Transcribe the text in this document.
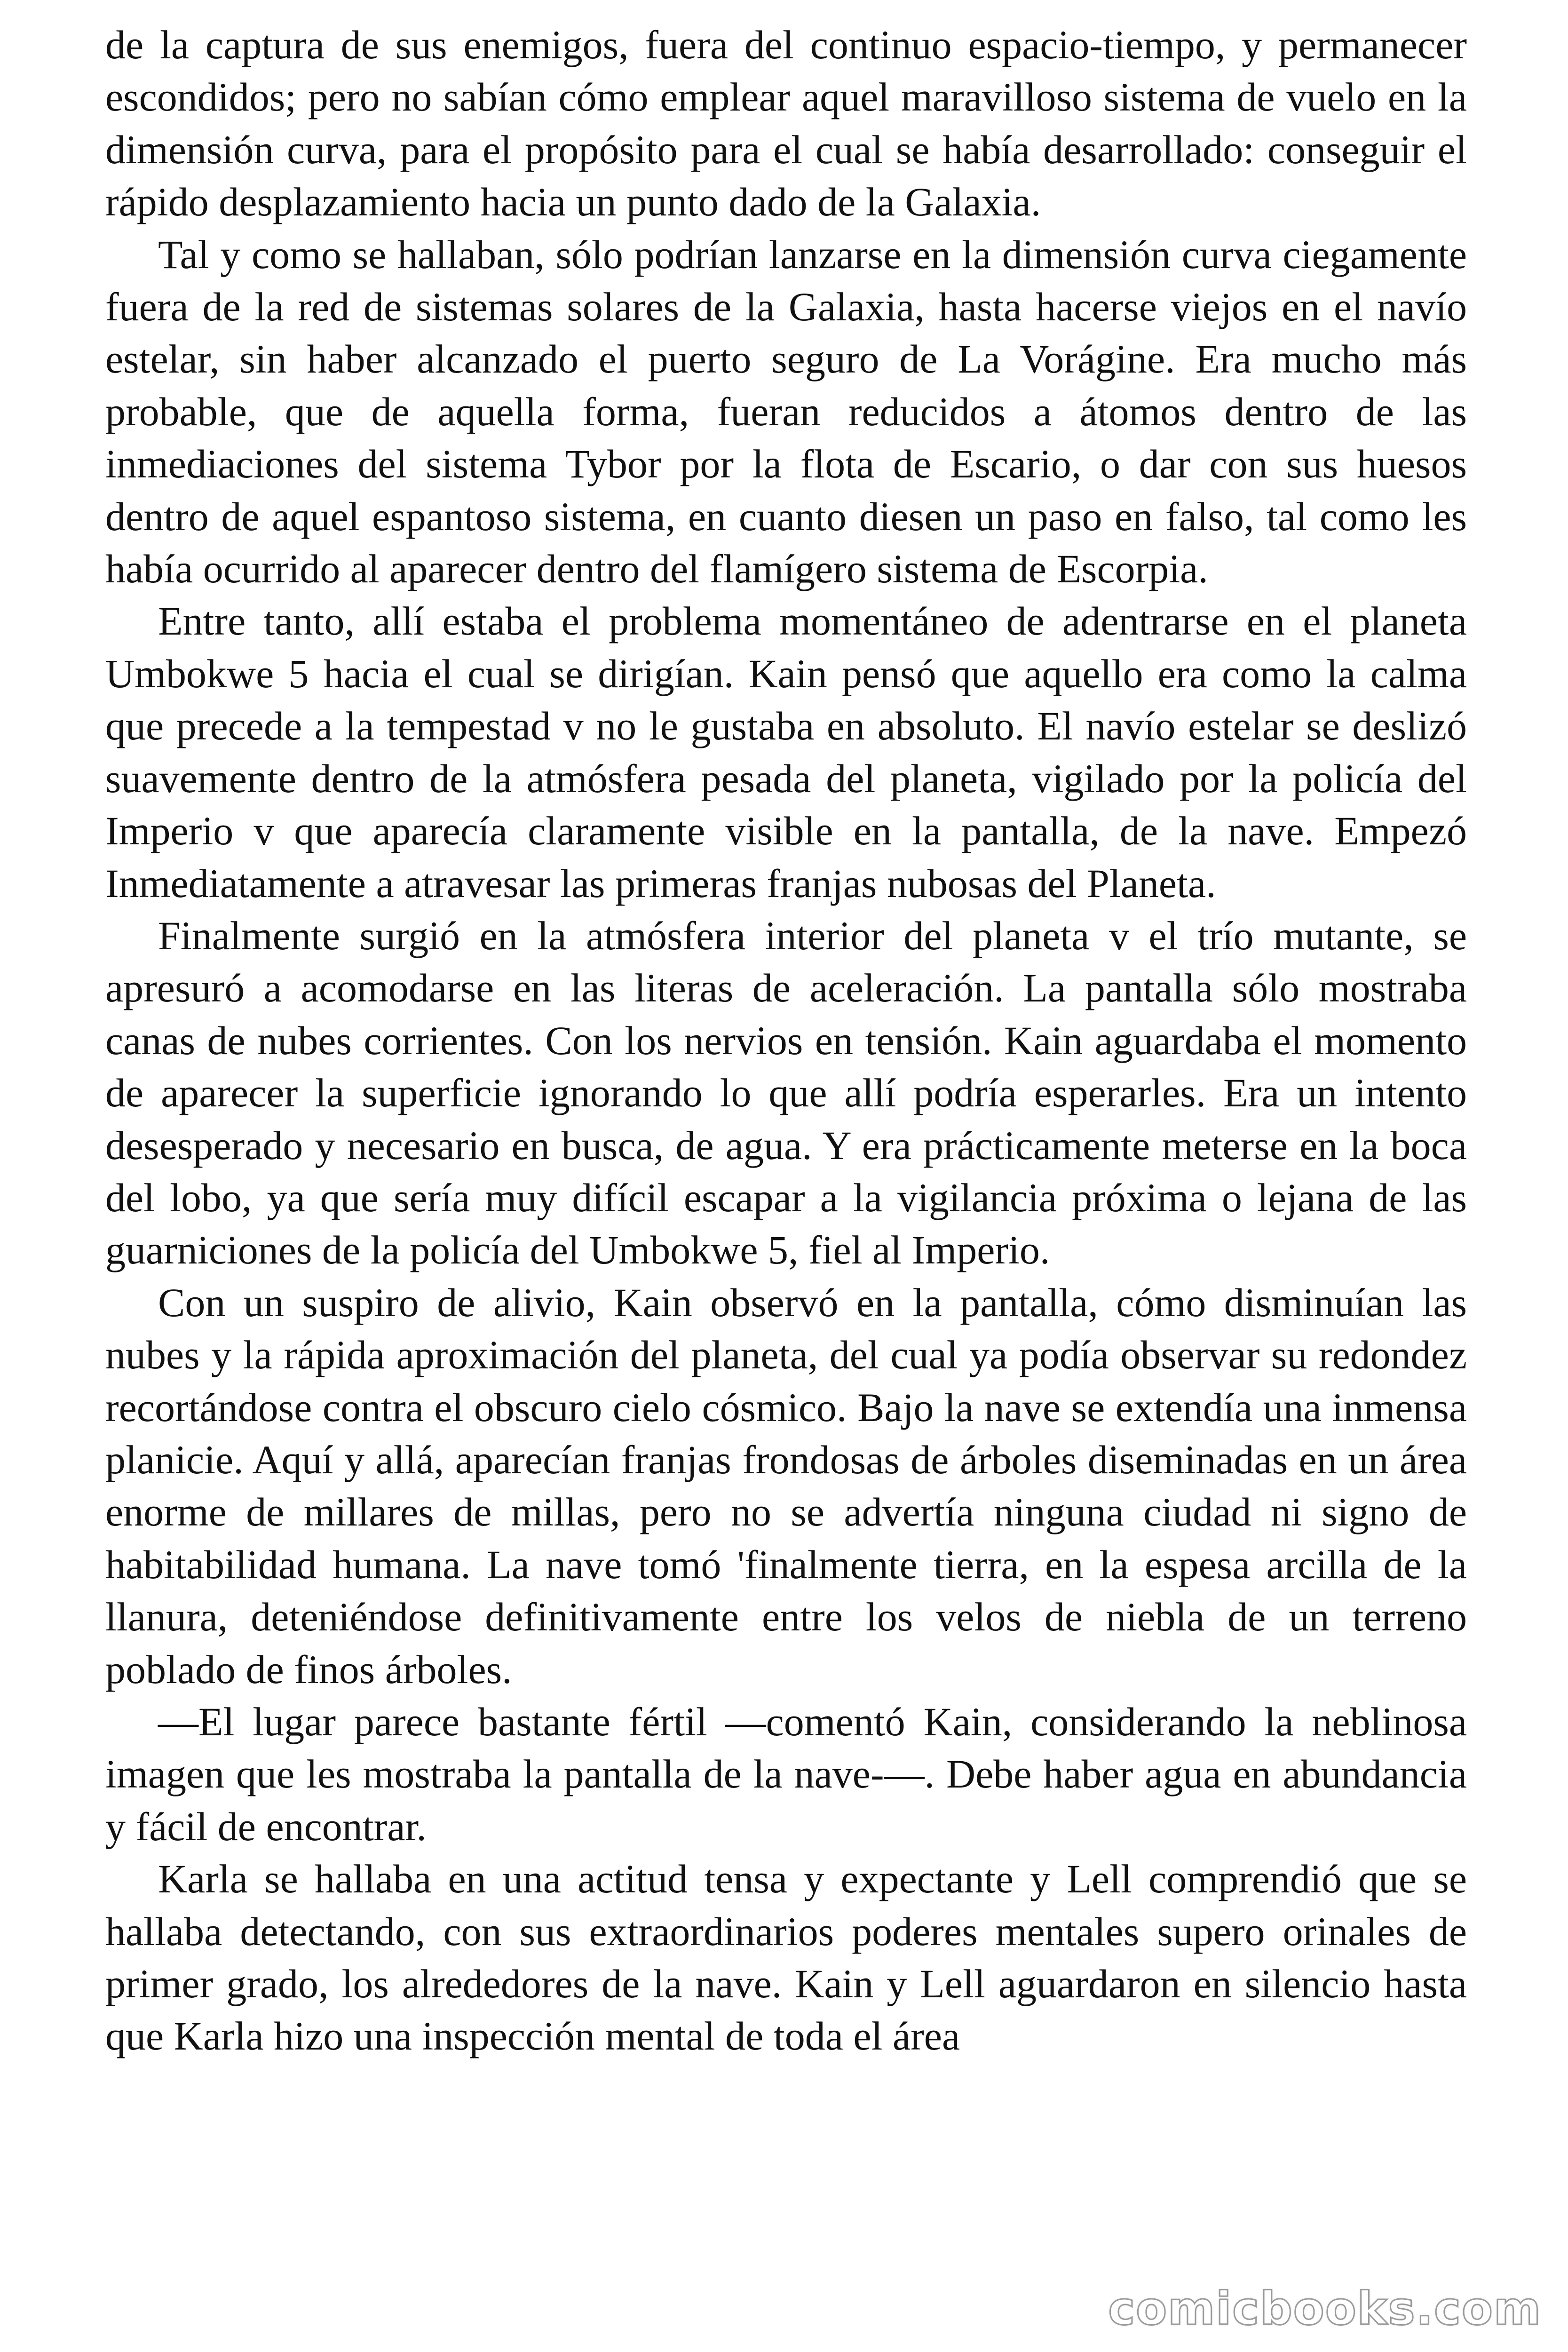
de la captura de sus enemigos, fuera del continuo espacio-tiempo, y permanecer escondidos; pero no sabían cómo emplear aquel maravilloso sistema de vuelo en la dimensión curva, para el propósito para el cual se había desarrollado: conseguir el rápido desplazamiento hacia un punto dado de la Galaxia.

Tal y como se hallaban, sólo podrían lanzarse en la dimensión curva ciegamente fuera de la red de sistemas solares de la Galaxia, hasta hacerse viejos en el navío estelar, sin haber alcanzado el puerto seguro de La Vorágine. Era mucho más probable, que de aquella forma, fueran reducidos a átomos dentro de las inmediaciones del sistema Tybor por la flota de Escario, o dar con sus huesos dentro de aquel espantoso sistema, en cuanto diesen un paso en falso, tal como les había ocurrido al aparecer dentro del flamígero sistema de Escorpia.

Entre tanto, allí estaba el problema momentáneo de adentrarse en el planeta Umbokwe 5 hacia el cual se dirigían. Kain pensó que aquello era como la calma que precede a la tempestad v no le gustaba en absoluto. El navío estelar se deslizó suavemente dentro de la atmósfera pesada del planeta, vigilado por la policía del Imperio v que aparecía claramente visible en la pantalla, de la nave. Empezó Inmediatamente a atravesar las primeras franjas nubosas del Planeta.

Finalmente surgió en la atmósfera interior del planeta v el trío mutante, se apresuró a acomodarse en las literas de aceleración. La pantalla sólo mostraba canas de nubes corrientes. Con los nervios en tensión. Kain aguardaba el momento de aparecer la superficie ignorando lo que allí podría esperarles. Era un intento desesperado y necesario en busca, de agua. Y era prácticamente meterse en la boca del lobo, ya que sería muy difícil escapar a la vigilancia próxima o lejana de las guarniciones de la policía del Umbokwe 5, fiel al Imperio.

Con un suspiro de alivio, Kain observó en la pantalla, cómo disminuían las nubes y la rápida aproximación del planeta, del cual ya podía observar su redondez recortándose contra el obscuro cielo cósmico. Bajo la nave se extendía una inmensa planicie. Aquí y allá, aparecían franjas frondosas de árboles diseminadas en un área enorme de millares de millas, pero no se advertía ninguna ciudad ni signo de habitabilidad humana. La nave tomó 'finalmente tierra, en la espesa arcilla de la llanura, deteniéndose definitivamente entre los velos de niebla de un terreno poblado de finos árboles.

—El lugar parece bastante fértil —comentó Kain, considerando la neblinosa imagen que les mostraba la pantalla de la nave-—. Debe haber agua en abundancia y fácil de encontrar.

Karla se hallaba en una actitud tensa y expectante y Lell comprendió que se hallaba detectando, con sus extraordinarios poderes mentales supero orinales de primer grado, los alrededores de la nave. Kain y Lell aguardaron en silencio hasta que Karla hizo una inspección mental de toda el área

comicbooks.com
